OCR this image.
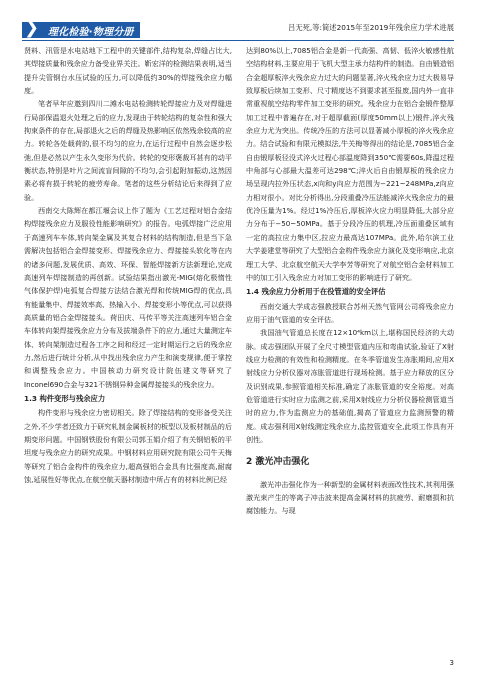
❯ 理化检验·物理分册	吕无死,等:简述2015年至2019年残余应力学术进展

贤料、汛管是水电站地下工程中的关键部件,结构复杂,焊缝占比大,其焊接质量和残余应力备受业界关注。靳宏洋的检测结果表明,适当提升尖管钢台水压试验的压力,可以降低约30%的焊接残余应力幅度。

笔者早年应邀到四川二滩水电站检测转轮焊接应力及对焊缝进行局部保温退火处理之后的应力,发现由于转轮结构的复杂性和强大拘束条件的存在,局部退火之后的焊缝及热影响区依然残余较高的应力。转轮各处载荷的,很不均匀的应力,在运行过程中自然会逐步松弛,但是必然以产生永久变形为代价。转轮的变形褒裁耳甚有的动平衡状态,特别是叶片之间流盲间隙的不均匀,会引起附加振动,这然因素必将有损于转轮的疲劳寿命。笔者的这些分析结论后来得到了应验。

西南交大陈辉在都江堰会议上作了题为《工艺过程对铝合金结构焊接残余应力及服役性能影响研究》的报告。电弧焊接广泛应用于高速列车车体,转向架金属及其复合材料的结构制造,但是当下急需解决包括铝合金焊接变形、焊接残余应力、焊接接头软化等在内的诸多问题,发展优质、高效、环保、智能焊接新方法新理论,完成高速列车焊接制造的再创新。试验结果指出激光-MIG(熔化极惰性气体保护焊)电弧复合焊接方法结合激光焊和传统MIG焊的优点,具有能量集中、焊接效率高、热输入小、焊接变形小等优点,可以获得高质量的铝合金焊接接头。荷田庆、马传平等关注高速列车铝合金车体转向架焊接残余应力分布及拔端条件下的应力,通过大量测定车体、转向架制造过程各工序之间和经过一定时期运行之后的残余应力,然后进行统计分析,从中找出残余应力产生和演变规律,便于掌控和调整残余应力。中国核动力研究设计院伍建文等研究了Inconel690合金与321不锈钢异种金属焊接接头的残余应力。

1.3 构件变形与残余应力

构件变形与残余应力密切相关。除了焊接结构的变形备受关注之外,不少学者还致力于研究轧制金属板材的板型以及板材制品的后期变形问题。中国钢铁股份有限公司郭玉娟介绍了有关钢铝板的平坦度与残余应力的研究成果。中钢材料应用研究院有限公司牛天梅等研究了铝合金构件的残余应力,超高强铝合金具有比强度高,耐腐蚀,延展性好等优点,在航空航天器材制造中所占有的材料比例已经

达到80%以上,7085铝合金是新一代高强、高韧、低淬火敏感性航空结构材料,主要应用于飞机大型主承力结构件的制造。自由锻造铝合金超厚板淬火残余应力过大的问题显著,淬火残余应力过大极易导致厚板后续加工变形、尺寸精度达不到要求甚至报废,国内外一直非常重视航空结构零件加工变形的研究。残余应力在铝合金锻件整厚加工过程中普遍存在,对于超厚截面(厚度50mm以上)锻件,淬火残余应力尤为突出。传统冷压的方法可以显著减小厚板的淬火残余应力。结合试验和有限元模拟法,牛关梅等得出的结论是,7085铝合金自由锻厚板径没式淬火过程心部温度降到350℃需要60s,降温过程中角部与心部最大温差可达298℃;淬火后自由锻厚板的残余应力场呈现内拉外压状态,x向和y向应力范围为−221~248MPa,z向应力相对很小。对比分析得出,分段重叠冷压法能减淬火残余应力的最优冷压量为1%。经过1%冷压后,厚板淬火应力明显降低,大部分应力分布于−50~50MPa。基于分段冷压的机理,冷压面重叠区域有一定的高拉应力集中区,拉应力最高达107MPa。此外,哈尔滨工业大学姜建堂等研究了大型铝合金构件残余应力演化及变形响应,北京理工大学、北京航空航天大学李芳等研究了对航空铝合金材料加工中的加工引入残余应力对加工变形的影响进行了研究。

1.4 残余应力分析用于在役管道的安全评估

西南交通大学成志强教授联合苏州天然气管网公司将残余应力应用于油气管道的安全评估。

我国油气管道总长度在12×10⁴km以上,堪称国民经济的大动脉。成志强团队开展了全尺寸模型管道内压和弯曲试验,验证了X射线应力检测的有效性和检测精度。在冬季管道发生冻胀期间,应用X射线应力分析仪器对冻胀管道进行现场检测。基于应力释放的区分及识别成果,参照管道相关标准,确定了冻胀管道的安全裕度。对高危管道进行实时应力监测之前,采用X射线应力分析仪器检测管道当时的应力,作为监测应力的基础值,揭高了管道应力监测预警的精度。成志强利用X射线测定残余应力,监控管道安全,此项工作具有开创性。

2 激光冲击强化

激光冲击强化作为一种新型的金属材料表面改性技术,其利用强激光束产生的等离子冲击波来提高金属材料的抗疲劳、耐磨损和抗腐蚀能力。与现

3
